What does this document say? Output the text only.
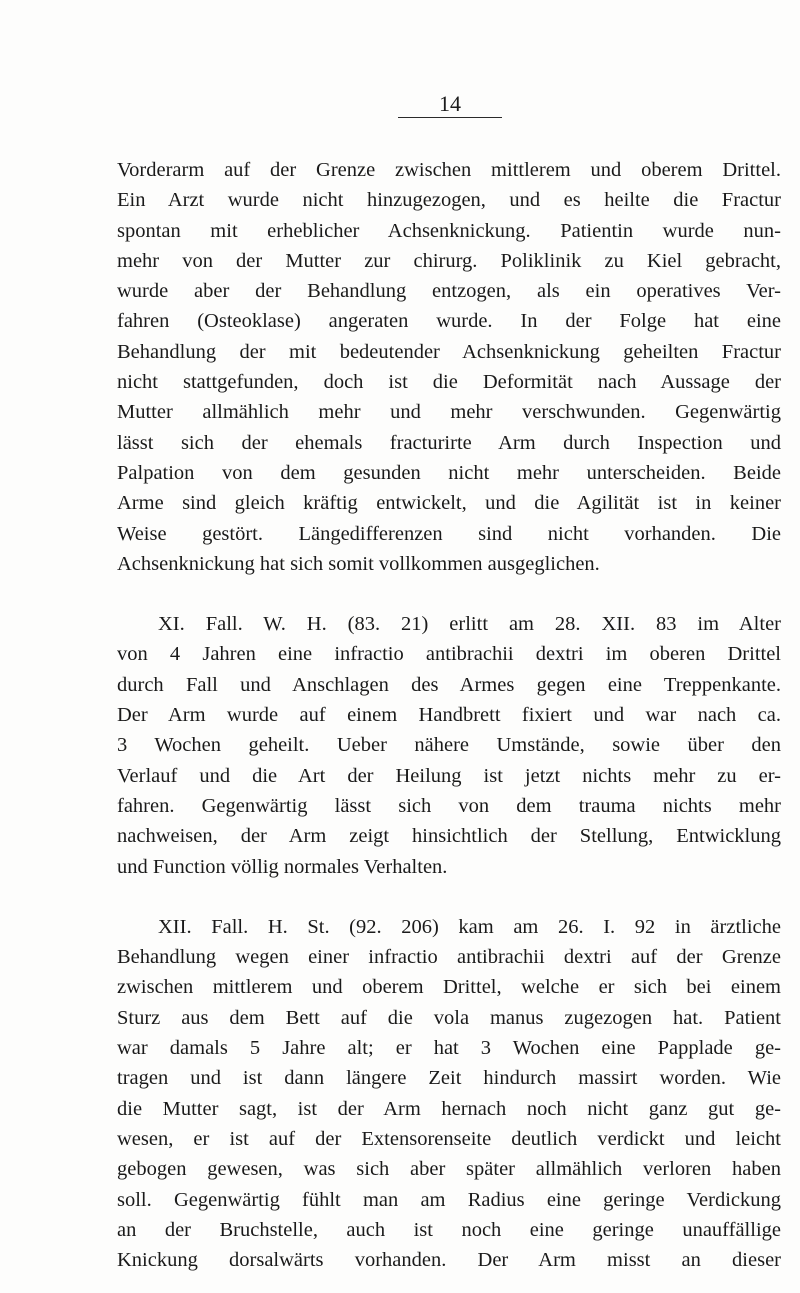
14
Vorderarm auf der Grenze zwischen mittlerem und oberem Drittel.
Ein Arzt wurde nicht hinzugezogen, und es heilte die Fractur
spontan mit erheblicher Achsenknickung. Patientin wurde nun-
mehr von der Mutter zur chirurg. Poliklinik zu Kiel gebracht,
wurde aber der Behandlung entzogen, als ein operatives Ver-
fahren (Osteoklase) angeraten wurde. In der Folge hat eine
Behandlung der mit bedeutender Achsenknickung geheilten Fractur
nicht stattgefunden, doch ist die Deformität nach Aussage der
Mutter allmählich mehr und mehr verschwunden. Gegenwärtig
lässt sich der ehemals fracturirte Arm durch Inspection und
Palpation von dem gesunden nicht mehr unterscheiden. Beide
Arme sind gleich kräftig entwickelt, und die Agilität ist in keiner
Weise gestört. Längedifferenzen sind nicht vorhanden. Die
Achsenknickung hat sich somit vollkommen ausgeglichen.
XI. Fall. W. H. (83. 21) erlitt am 28. XII. 83 im Alter
von 4 Jahren eine infractio antibrachii dextri im oberen Drittel
durch Fall und Anschlagen des Armes gegen eine Treppenkante.
Der Arm wurde auf einem Handbrett fixiert und war nach ca.
3 Wochen geheilt. Ueber nähere Umstände, sowie über den
Verlauf und die Art der Heilung ist jetzt nichts mehr zu er-
fahren. Gegenwärtig lässt sich von dem trauma nichts mehr
nachweisen, der Arm zeigt hinsichtlich der Stellung, Entwicklung
und Function völlig normales Verhalten.
XII. Fall. H. St. (92. 206) kam am 26. I. 92 in ärztliche
Behandlung wegen einer infractio antibrachii dextri auf der Grenze
zwischen mittlerem und oberem Drittel, welche er sich bei einem
Sturz aus dem Bett auf die vola manus zugezogen hat. Patient
war damals 5 Jahre alt; er hat 3 Wochen eine Papplade ge-
tragen und ist dann längere Zeit hindurch massirt worden. Wie
die Mutter sagt, ist der Arm hernach noch nicht ganz gut ge-
wesen, er ist auf der Extensorenseite deutlich verdickt und leicht
gebogen gewesen, was sich aber später allmählich verloren haben
soll. Gegenwärtig fühlt man am Radius eine geringe Verdickung
an der Bruchstelle, auch ist noch eine geringe unauffällige
Knickung dorsalwärts vorhanden. Der Arm misst an dieser
